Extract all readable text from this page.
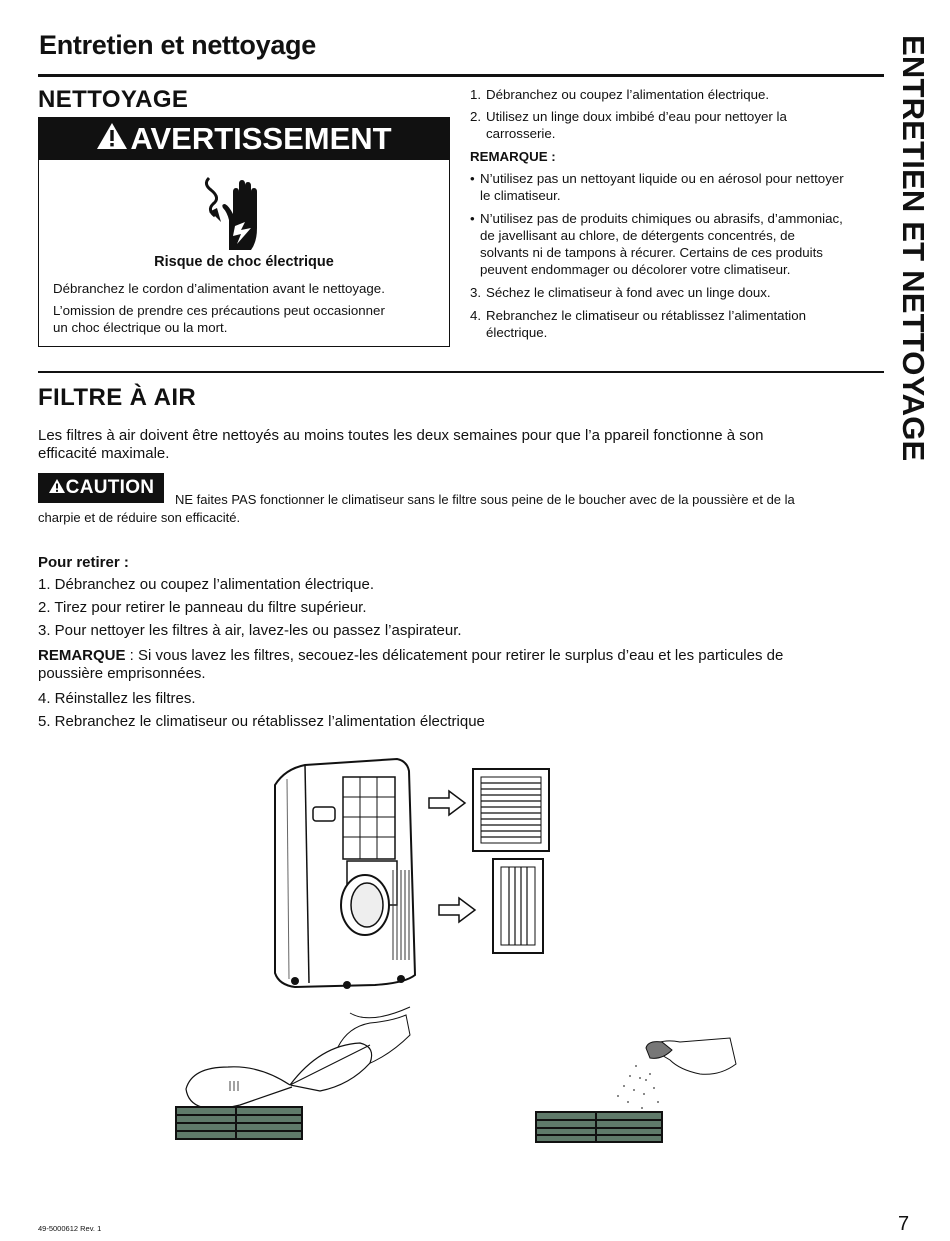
Entretien et nettoyage	ENTRETIEN ET NETTOYAGE
NETTOYAGE
AVERTISSEMENT
Risque de choc électrique
Débranchez le cordon d’alimentation avant le nettoyage.
L’omission de prendre ces précautions peut occasionner
un choc électrique ou la mort.
1. Débranchez ou coupez l’alimentation électrique.
2. Utilisez un linge doux imbibé d’eau pour nettoyer la
carrosserie.
REMARQUE :
• N’utilisez pas un nettoyant liquide ou en aérosol pour nettoyer
le climatiseur.
• N’utilisez pas de produits chimiques ou abrasifs, d’ammoniac,
de javellisant au chlore, de détergents concentrés, de
solvants ni de tampons à récurer. Certains de ces produits
peuvent endommager ou décolorer votre climatiseur.
3. Séchez le climatiseur à fond avec un linge doux.
4. Rebranchez le climatiseur ou rétablissez l’alimentation
électrique.
FILTRE À AIR
Les filtres à air doivent être nettoyés au moins toutes les deux semaines pour que l’a ppareil fonctionne à son
efficacité maximale.
CAUTION
NE faites PAS fonctionner le climatiseur sans le filtre sous peine de le boucher avec de la poussière et de la
charpie et de réduire son efficacité.
Pour retirer :
1. Débranchez ou coupez l’alimentation électrique.
2. Tirez pour retirer le panneau du filtre supérieur.
3. Pour nettoyer les filtres à air, lavez-les ou passez l’aspirateur.
REMARQUE : Si vous lavez les filtres, secouez-les délicatement pour retirer le surplus d’eau et les particules de
poussière emprisonnées.
4. Réinstallez les filtres.
5. Rebranchez le climatiseur ou rétablissez l’alimentation électrique
49-5000612 Rev. 1	7
